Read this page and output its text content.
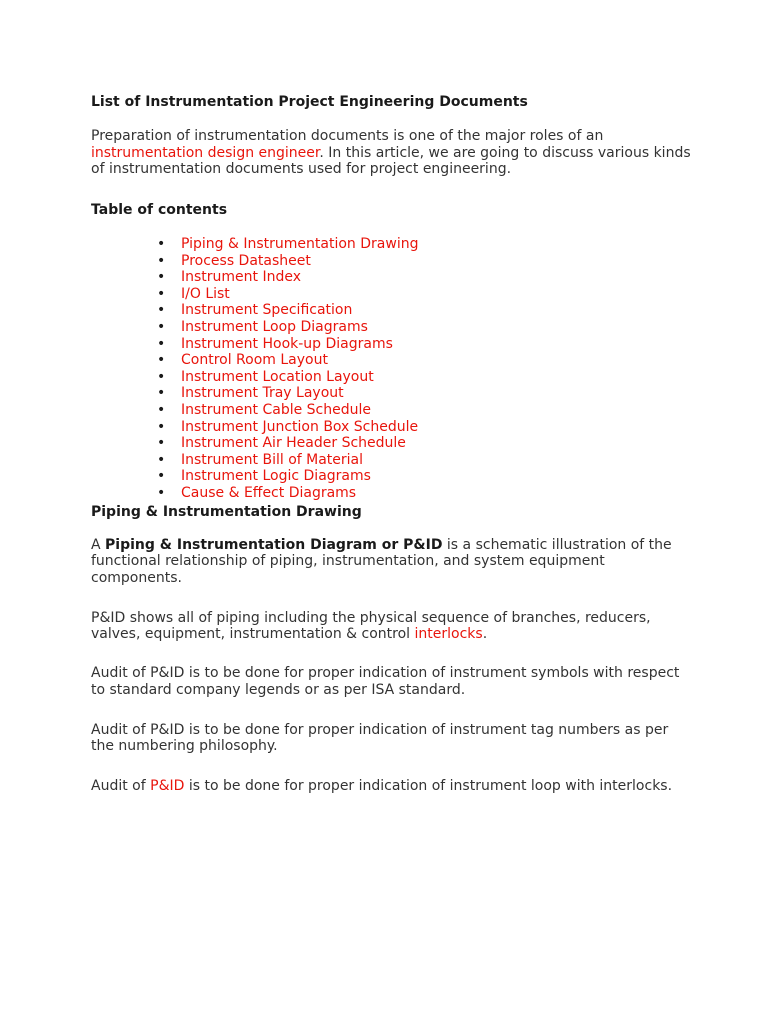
List of Instrumentation Project Engineering Documents

Preparation of instrumentation documents is one of the major roles of an instrumentation design engineer. In this article, we are going to discuss various kinds of instrumentation documents used for project engineering.

Table of contents
• Piping & Instrumentation Drawing
• Process Datasheet
• Instrument Index
• I/O List
• Instrument Specification
• Instrument Loop Diagrams
• Instrument Hook-up Diagrams
• Control Room Layout
• Instrument Location Layout
• Instrument Tray Layout
• Instrument Cable Schedule
• Instrument Junction Box Schedule
• Instrument Air Header Schedule
• Instrument Bill of Material
• Instrument Logic Diagrams
• Cause & Effect Diagrams
Piping & Instrumentation Drawing

A Piping & Instrumentation Diagram or P&ID is a schematic illustration of the functional relationship of piping, instrumentation, and system equipment components.

P&ID shows all of piping including the physical sequence of branches, reducers, valves, equipment, instrumentation & control interlocks.

Audit of P&ID is to be done for proper indication of instrument symbols with respect to standard company legends or as per ISA standard.

Audit of P&ID is to be done for proper indication of instrument tag numbers as per the numbering philosophy.

Audit of P&ID is to be done for proper indication of instrument loop with interlocks.
